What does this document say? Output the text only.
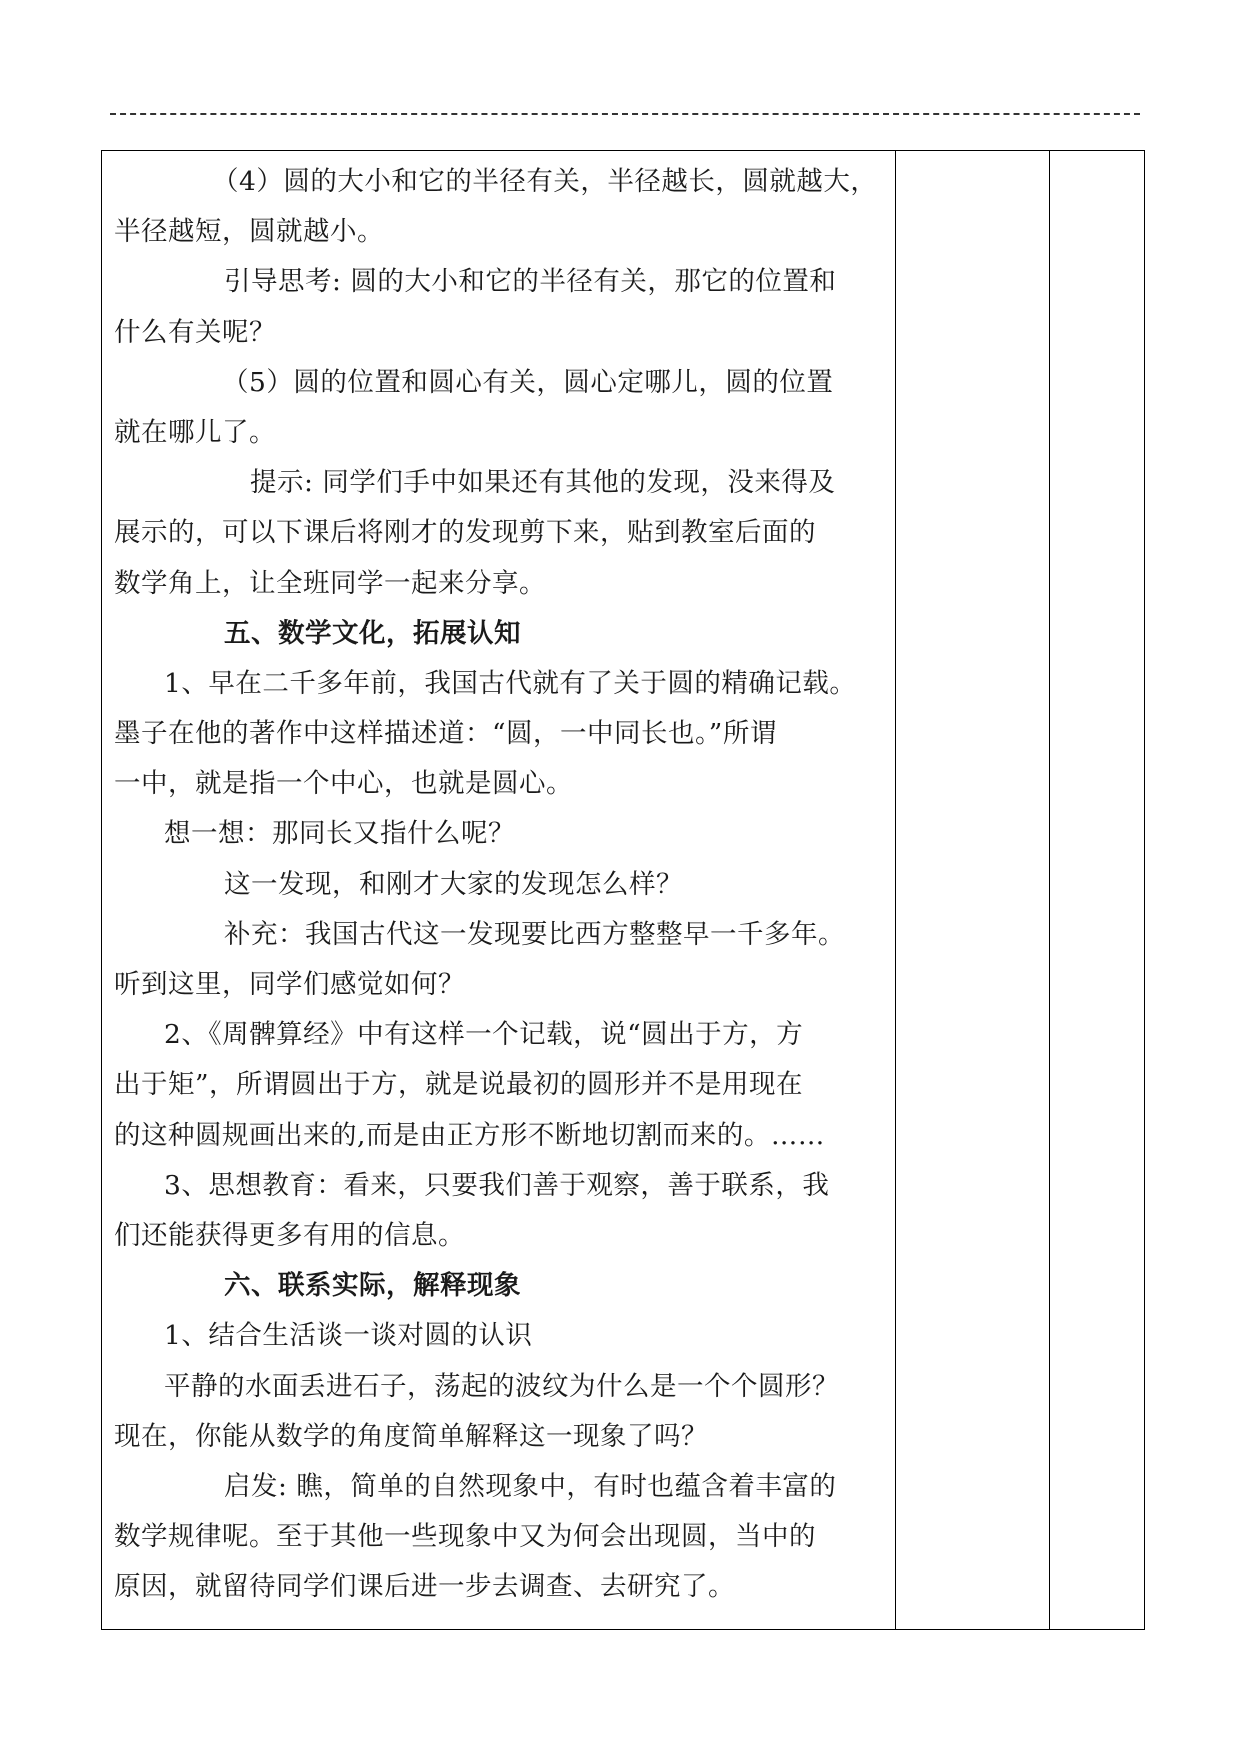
（4）圆的大小和它的半径有关，半径越长，圆就越大，
半径越短，圆就越小。
引导思考: 圆的大小和它的半径有关，那它的位置和
什么有关呢？
（5）圆的位置和圆心有关，圆心定哪儿，圆的位置
就在哪儿了。
提示: 同学们手中如果还有其他的发现，没来得及
展示的，可以下课后将刚才的发现剪下来，贴到教室后面的
数学角上，让全班同学一起来分享。
五、数学文化，拓展认知
1、早在二千多年前，我国古代就有了关于圆的精确记载。
墨子在他的著作中这样描述道：“圆，一中同长也。”所谓
一中，就是指一个中心，也就是圆心。
想一想：那同长又指什么呢？
这一发现，和刚才大家的发现怎么样？
补充：我国古代这一发现要比西方整整早一千多年。
听到这里，同学们感觉如何？
2、《周髀算经》中有这样一个记载，说“圆出于方，方
出于矩”，所谓圆出于方，就是说最初的圆形并不是用现在
的这种圆规画出来的,而是由正方形不断地切割而来的。……
3、思想教育：看来，只要我们善于观察，善于联系，我
们还能获得更多有用的信息。
六、联系实际，解释现象
1、结合生活谈一谈对圆的认识
平静的水面丢进石子，荡起的波纹为什么是一个个圆形？
现在，你能从数学的角度简单解释这一现象了吗？
启发: 瞧，简单的自然现象中，有时也蕴含着丰富的
数学规律呢。至于其他一些现象中又为何会出现圆，当中的
原因，就留待同学们课后进一步去调查、去研究了。
